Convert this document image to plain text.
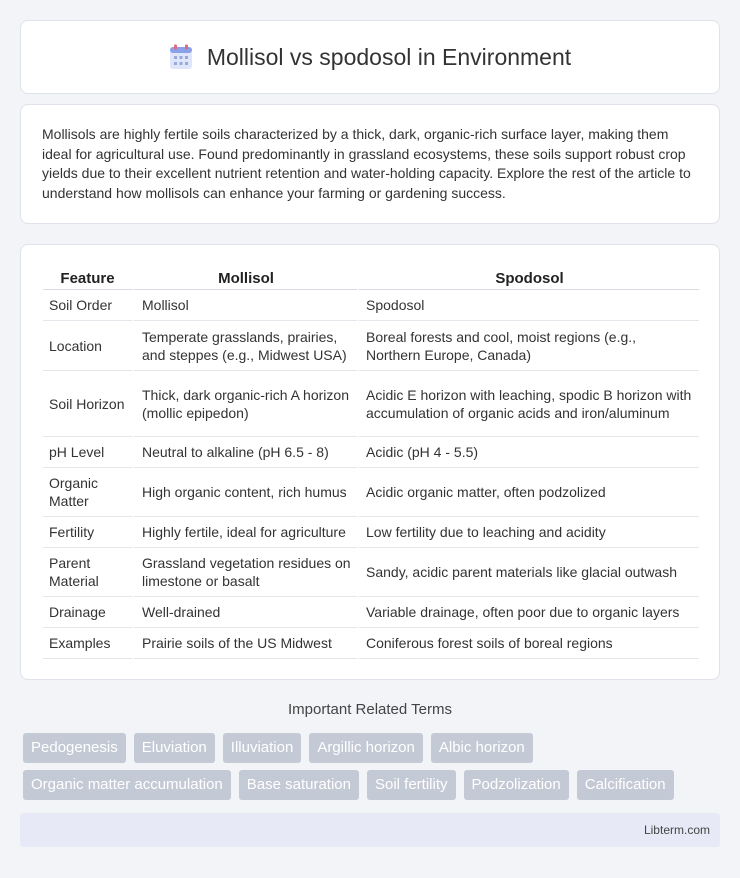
Mollisol vs spodosol in Environment

Mollisols are highly fertile soils characterized by a thick, dark, organic-rich surface layer, making them ideal for agricultural use. Found predominantly in grassland ecosystems, these soils support robust crop yields due to their excellent nutrient retention and water-holding capacity. Explore the rest of the article to understand how mollisols can enhance your farming or gardening success.

Feature	Mollisol	Spodosol
Soil Order	Mollisol	Spodosol
Location	Temperate grasslands, prairies, and steppes (e.g., Midwest USA)	Boreal forests and cool, moist regions (e.g., Northern Europe, Canada)
Soil Horizon	Thick, dark organic-rich A horizon (mollic epipedon)	Acidic E horizon with leaching, spodic B horizon with accumulation of organic acids and iron/aluminum
pH Level	Neutral to alkaline (pH 6.5 - 8)	Acidic (pH 4 - 5.5)
Organic Matter	High organic content, rich humus	Acidic organic matter, often podzolized
Fertility	Highly fertile, ideal for agriculture	Low fertility due to leaching and acidity
Parent Material	Grassland vegetation residues on limestone or basalt	Sandy, acidic parent materials like glacial outwash
Drainage	Well-drained	Variable drainage, often poor due to organic layers
Examples	Prairie soils of the US Midwest	Coniferous forest soils of boreal regions
Important Related Terms
Pedogenesis	Eluviation	Illuviation	Argillic horizon	Albic horizon
Organic matter accumulation	Base saturation	Soil fertility	Podzolization	Calcification
Libterm.com
